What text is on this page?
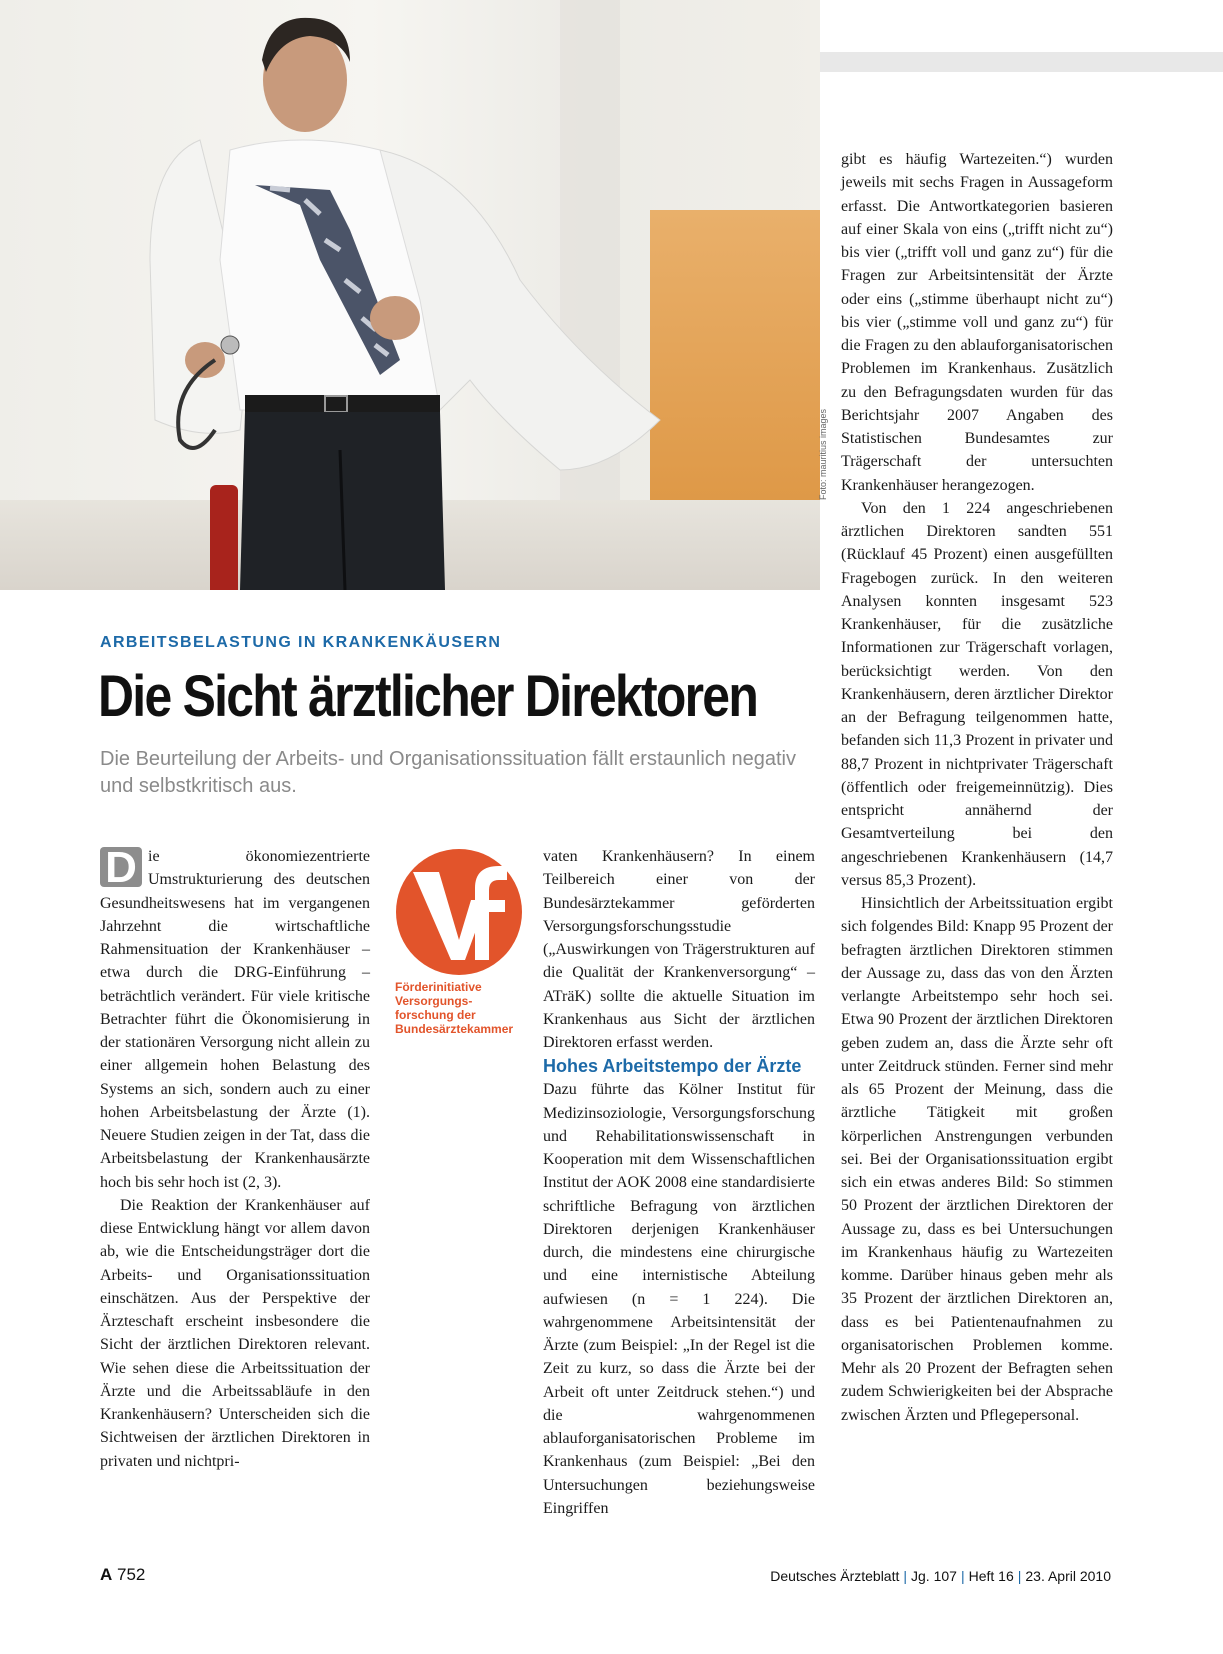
Foto: mauritius images
ARBEITSBELASTUNG IN KRANKENKÄUSERN
Die Sicht ärztlicher Direktoren
Die Beurteilung der Arbeits- und Organisationssituation fällt erstaunlich negativ und selbstkritisch aus.

D ie ökonomiezentrierte Umstrukturierung des deutschen Gesundheitswesens hat im vergangenen Jahrzehnt die wirtschaftliche Rahmensituation der Krankenhäuser – etwa durch die DRG-Einführung – beträchtlich verändert. Für viele kritische Betrachter führt die Ökonomisierung in der stationären Versorgung nicht allein zu einer allgemein hohen Belastung des Systems an sich, sondern auch zu einer hohen Arbeitsbelastung der Ärzte (1). Neuere Studien zeigen in der Tat, dass die Arbeitsbelastung der Krankenhausärzte hoch bis sehr hoch ist (2, 3).

Die Reaktion der Krankenhäuser auf diese Entwicklung hängt vor allem davon ab, wie die Entscheidungsträger dort die Arbeits- und Organisationssituation einschätzen. Aus der Perspektive der Ärzteschaft erscheint insbesondere die Sicht der ärztlichen Direktoren relevant. Wie sehen diese die Arbeitssituation der Ärzte und die Arbeitssabläufe in den Krankenhäusern? Unterscheiden sich die Sichtweisen der ärztlichen Direktoren in privaten und nichtpri-

Förderinitiative
Versorgungs-
forschung der
Bundesärztekammer

vaten Krankenhäusern? In einem Teilbereich einer von der Bundesärztekammer geförderten Versorgungsforschungsstudie („Auswirkungen von Trägerstrukturen auf die Qualität der Krankenversorgung“ – ATräK) sollte die aktuelle Situation im Krankenhaus aus Sicht der ärztlichen Direktoren erfasst werden.

Hohes Arbeitstempo der Ärzte

Dazu führte das Kölner Institut für Medizinsoziologie, Versorgungsforschung und Rehabilitationswissenschaft in Kooperation mit dem Wissenschaftlichen Institut der AOK 2008 eine standardisierte schriftliche Befragung von ärztlichen Direktoren derjenigen Krankenhäuser durch, die mindestens eine chirurgische und eine internistische Abteilung aufwiesen (n = 1 224). Die wahrgenommene Arbeitsintensität der Ärzte (zum Beispiel: „In der Regel ist die Zeit zu kurz, so dass die Ärzte bei der Arbeit oft unter Zeitdruck stehen.“) und die wahrgenommenen ablauforganisatorischen Probleme im Krankenhaus (zum Beispiel: „Bei den Untersuchungen beziehungsweise Eingriffen

gibt es häufig Wartezeiten.“) wurden jeweils mit sechs Fragen in Aussageform erfasst. Die Antwortkategorien basieren auf einer Skala von eins („trifft nicht zu“) bis vier („trifft voll und ganz zu“) für die Fragen zur Arbeitsintensität der Ärzte oder eins („stimme überhaupt nicht zu“) bis vier („stimme voll und ganz zu“) für die Fragen zu den ablauforganisatorischen Problemen im Krankenhaus. Zusätzlich zu den Befragungsdaten wurden für das Berichtsjahr 2007 Angaben des Statistischen Bundesamtes zur Trägerschaft der untersuchten Krankenhäuser herangezogen.

Von den 1 224 angeschriebenen ärztlichen Direktoren sandten 551 (Rücklauf 45 Prozent) einen ausgefüllten Fragebogen zurück. In den weiteren Analysen konnten insgesamt 523 Krankenhäuser, für die zusätzliche Informationen zur Trägerschaft vorlagen, berücksichtigt werden. Von den Krankenhäusern, deren ärztlicher Direktor an der Befragung teilgenommen hatte, befanden sich 11,3 Prozent in privater und 88,7 Prozent in nichtprivater Trägerschaft (öffentlich oder freigemeinnützig). Dies entspricht annähernd der Gesamtverteilung bei den angeschriebenen Krankenhäusern (14,7 versus 85,3 Prozent).

Hinsichtlich der Arbeitssituation ergibt sich folgendes Bild: Knapp 95 Prozent der befragten ärztlichen Direktoren stimmen der Aussage zu, dass das von den Ärzten verlangte Arbeitstempo sehr hoch sei. Etwa 90 Prozent der ärztlichen Direktoren geben zudem an, dass die Ärzte sehr oft unter Zeitdruck stünden. Ferner sind mehr als 65 Prozent der Meinung, dass die ärztliche Tätigkeit mit großen körperlichen Anstrengungen verbunden sei. Bei der Organisationssituation ergibt sich ein etwas anderes Bild: So stimmen 50 Prozent der ärztlichen Direktoren der Aussage zu, dass es bei Untersuchungen im Krankenhaus häufig zu Wartezeiten komme. Darüber hinaus geben mehr als 35 Prozent der ärztlichen Direktoren an, dass es bei Patientenaufnahmen zu organisatorischen Problemen komme. Mehr als 20 Prozent der Befragten sehen zudem Schwierigkeiten bei der Absprache zwischen Ärzten und Pflegepersonal.

A 752	Deutsches Ärzteblatt | Jg. 107 | Heft 16 | 23. April 2010
